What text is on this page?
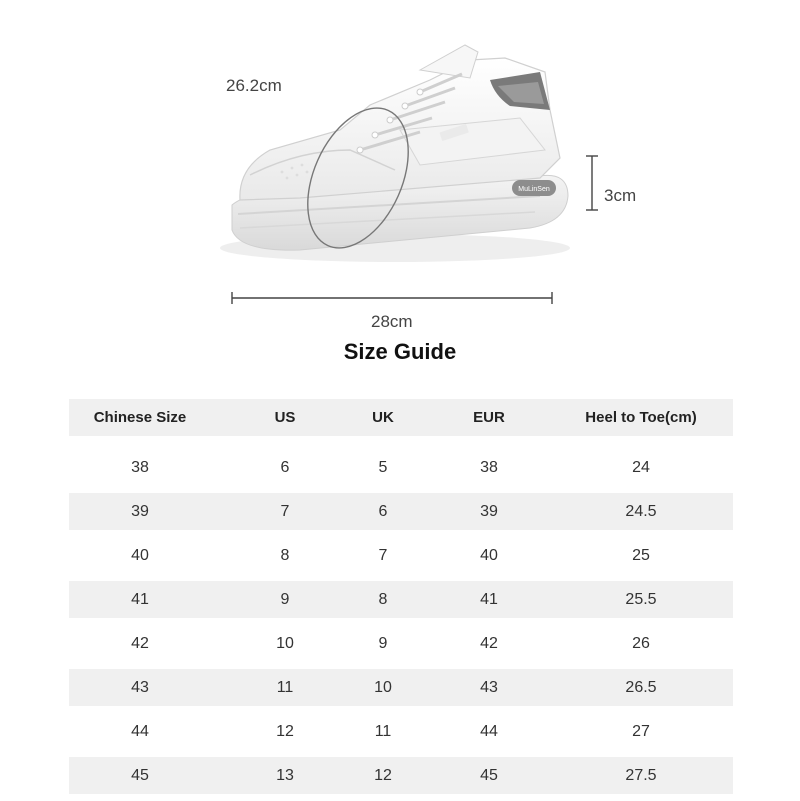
MuLinSen
26.2cm
3cm
28cm
Size Guide
Chinese Size	US	UK	EUR	Heel to Toe(cm)
38	6	5	38	24
39	7	6	39	24.5
40	8	7	40	25
41	9	8	41	25.5
42	10	9	42	26
43	11	10	43	26.5
44	12	11	44	27
45	13	12	45	27.5
